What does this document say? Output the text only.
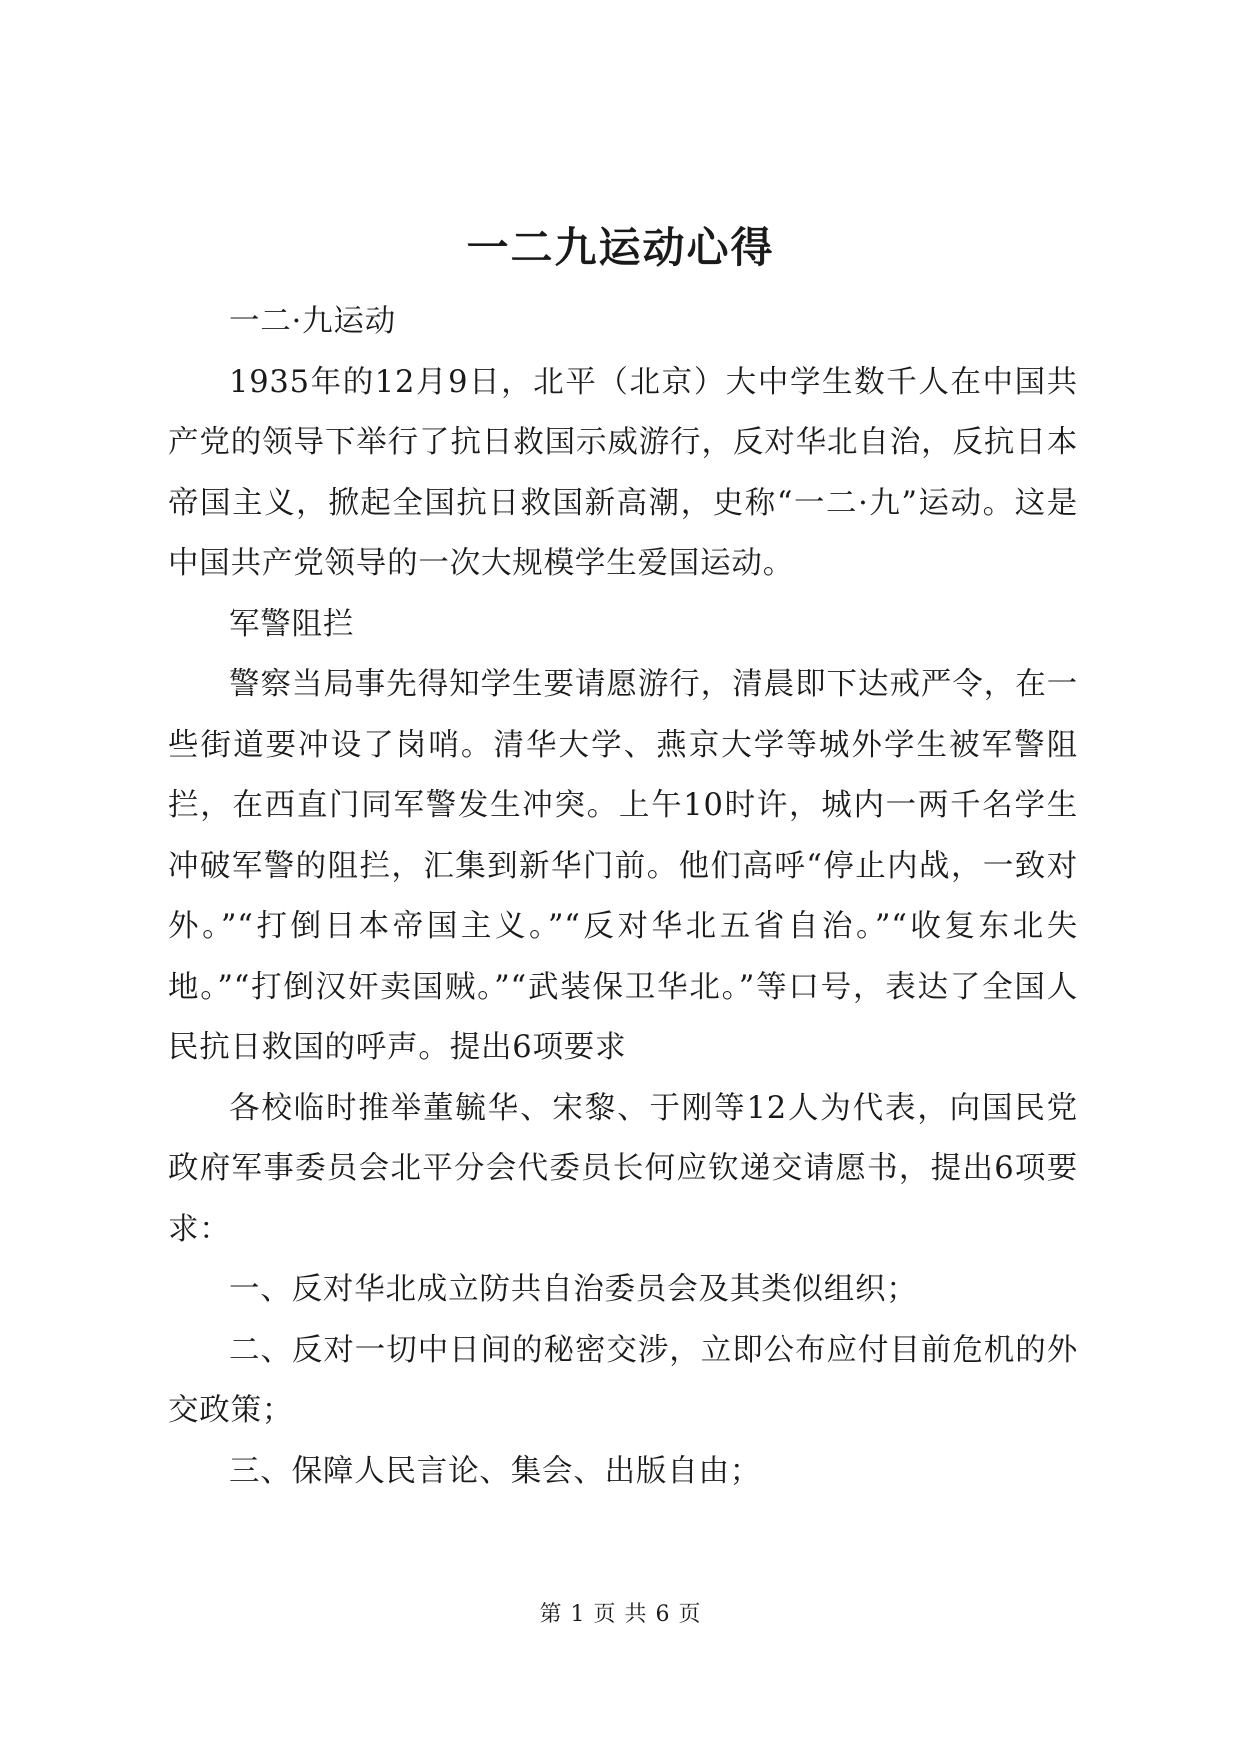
一二九运动心得

一二·九运动

1935年的12月9日，北平（北京）大中学生数千人在中国共产党的领导下举行了抗日救国示威游行，反对华北自治，反抗日本帝国主义，掀起全国抗日救国新高潮，史称“一二·九”运动。这是中国共产党领导的一次大规模学生爱国运动。

军警阻拦

警察当局事先得知学生要请愿游行，清晨即下达戒严令，在一些街道要冲设了岗哨。清华大学、燕京大学等城外学生被军警阻拦，在西直门同军警发生冲突。上午10时许，城内一两千名学生冲破军警的阻拦，汇集到新华门前。他们高呼“停止内战，一致对外。”“打倒日本帝国主义。”“反对华北五省自治。”“收复东北失地。”“打倒汉奸卖国贼。”“武装保卫华北。”等口号，表达了全国人民抗日救国的呼声。提出6项要求

各校临时推举董毓华、宋黎、于刚等12人为代表，向国民党政府军事委员会北平分会代委员长何应钦递交请愿书，提出6项要求：

一、反对华北成立防共自治委员会及其类似组织；

二、反对一切中日间的秘密交涉，立即公布应付目前危机的外交政策；

三、保障人民言论、集会、出版自由；

第 1 页 共 6 页
